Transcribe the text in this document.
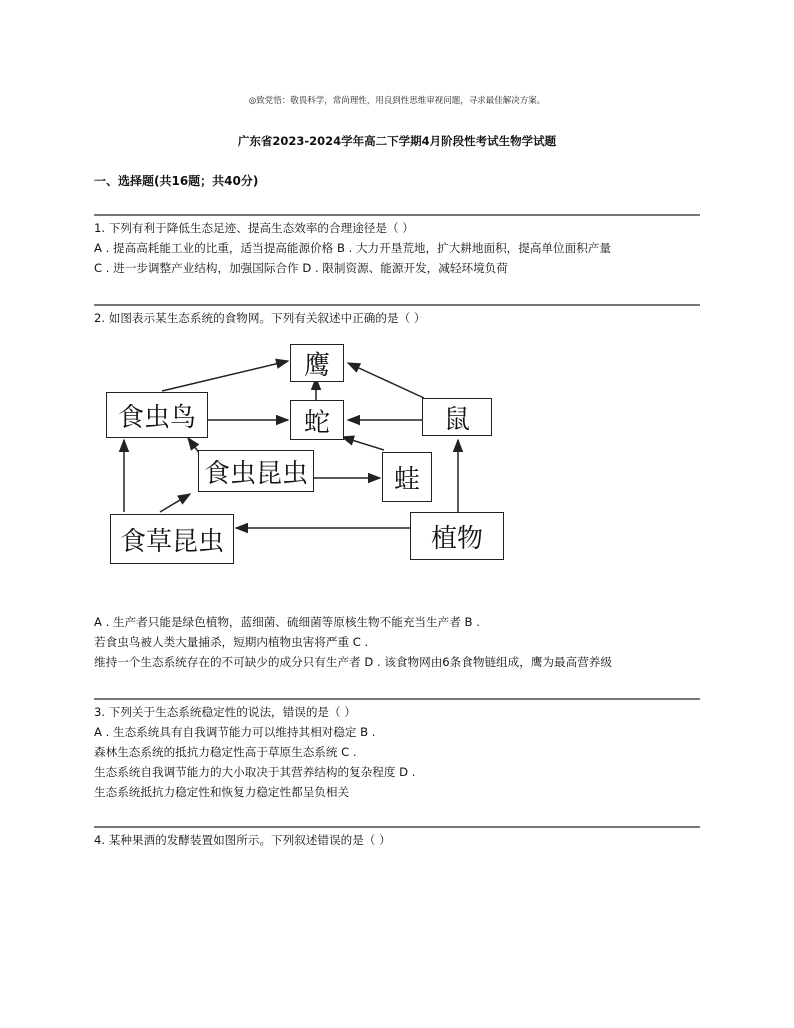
◎致党悟：敬畏科学，常尚理性，用良到性思维审视问题，寻求最佳解决方案。
广东省2023-2024学年高二下学期4月阶段性考试生物学试题
一、选择题(共16题；共40分)
1. 下列有利于降低生态足迹、提高生态效率的合理途径是（ ）
A . 提高高耗能工业的比重，适当提高能源价格 B . 大力开垦荒地，扩大耕地面积，提高单位面积产量
C . 进一步调整产业结构，加强国际合作 D . 限制资源、能源开发，减轻环境负荷
2. 如图表示某生态系统的食物网。下列有关叙述中正确的是（ ）
鹰
食虫鸟	蛇	鼠
食虫昆虫	蛙
食草昆虫	植物
A . 生产者只能是绿色植物，蓝细菌、硫细菌等原核生物不能充当生产者 B .
若食虫鸟被人类大量捕杀，短期内植物虫害将严重 C .
维持一个生态系统存在的不可缺少的成分只有生产者 D . 该食物网由6条食物链组成，鹰为最高营养级
3. 下列关于生态系统稳定性的说法，错误的是（ ）
A . 生态系统具有自我调节能力可以维持其相对稳定 B .
森林生态系统的抵抗力稳定性高于草原生态系统 C .
生态系统自我调节能力的大小取决于其营养结构的复杂程度 D .
生态系统抵抗力稳定性和恢复力稳定性都呈负相关
4. 某种果酒的发酵装置如图所示。下列叙述错误的是（ ）
